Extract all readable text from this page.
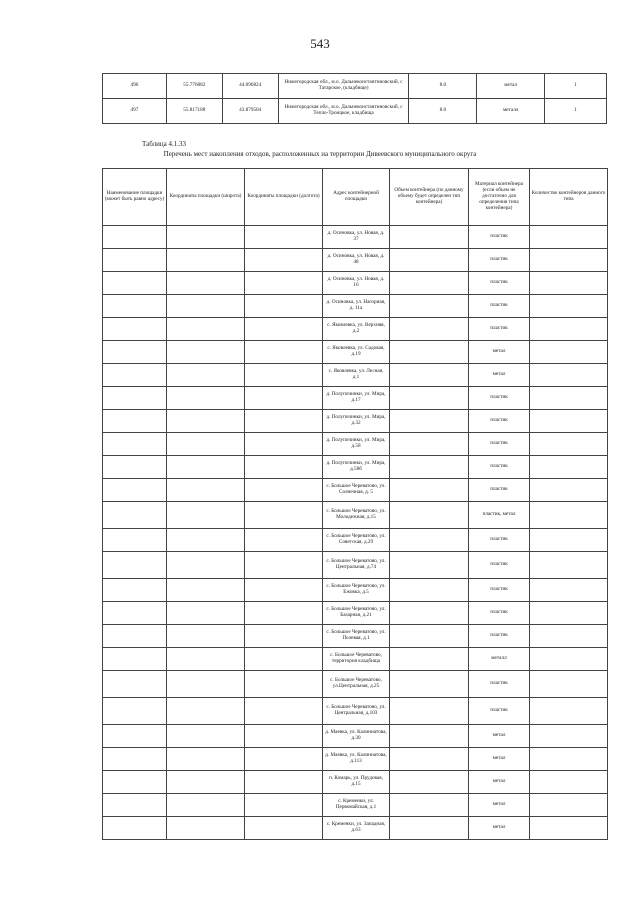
543
496	55.776882	44.096824	Нижегородская обл., м.о. Дальнеконстантиновский, с Татарское, (кладбище)	8.0	метал	1
497	55.817188	43.879504	Нижегородская обл., м.о. Дальнеконстантиновский, с Тепло-Троицкое, кладбища	8.0	металл	1
Таблица 4.1.33
Перечень мест накопления отходов, расположенных на территории Дивеевского муниципального округа
Наименование площадки (может быть равно адресу)	Координаты площадки (широта)	Координаты площадки (долгота)	Адрес контейнерной площадки	Объем контейнера (по данному объему будет определен тип контейнера)	Материал контейнера (если объем не достаточно для определения типа контейнера)	Количество контейнеров данного типа
			д. Осиновка, ул. Новая, д. 37		пластик	
			д. Осиновка, ул. Новая, д. 48		пластик	
			д. Осиновка, ул. Новая, д. 16		пластик	
			д. Осиновка, ул. Нагорная, д. 11а		пластик	
			с. Яковлевка, ул. Верхняя, д.2		пластик	
			с. Яковлевка, ул. Садовая, д.19		метал	
			с. Яковлевка, ул. Лесная, д.1		метал	
			д. Полупочинки, ул. Мира, д.17		пластик	
			д. Полупочинки, ул. Мира, д.32		пластик	
			д. Полупочинки, ул. Мира, д.58		пластик	
			д. Полупочинки, ул. Мира, д.58б		пластик	
			с. Большое Череватово, ул. Солнечная, д. 5		пластик	
			с. Большое Череватово, ул. Молодежная, д.15		пластик, метал	
			с. Большое Череватово, ул. Советская, д.29		пластик	
			с. Большое Череватово, ул. Центральная, д.74		пластик	
			с. Большое Череватово, ул. Ежовка, д.5		пластик	
			с. Большое Череватово, ул. Базарная, д.21		пластик	
			с. Большое Череватово, ул. Полевая, д.1		пластик	
			с. Большое Череватово, территория кладбища		металл	
			с. Большое Череватово, ул.Центральная, д.25		пластик	
			с. Большое Череватово, ул. Центральная, д.103		пластик	
			д. Маевка, ул. Калиниатова, д.30		метал	
			д. Маевка, ул. Калиниатова, д.113		метал	
			п. Комарь, ул. Прудовая, д.15		метал	
			с. Кременки, ул. Первомайская, д.1		метал	
			с. Кременки, ул. Западная, д.63		метал	
